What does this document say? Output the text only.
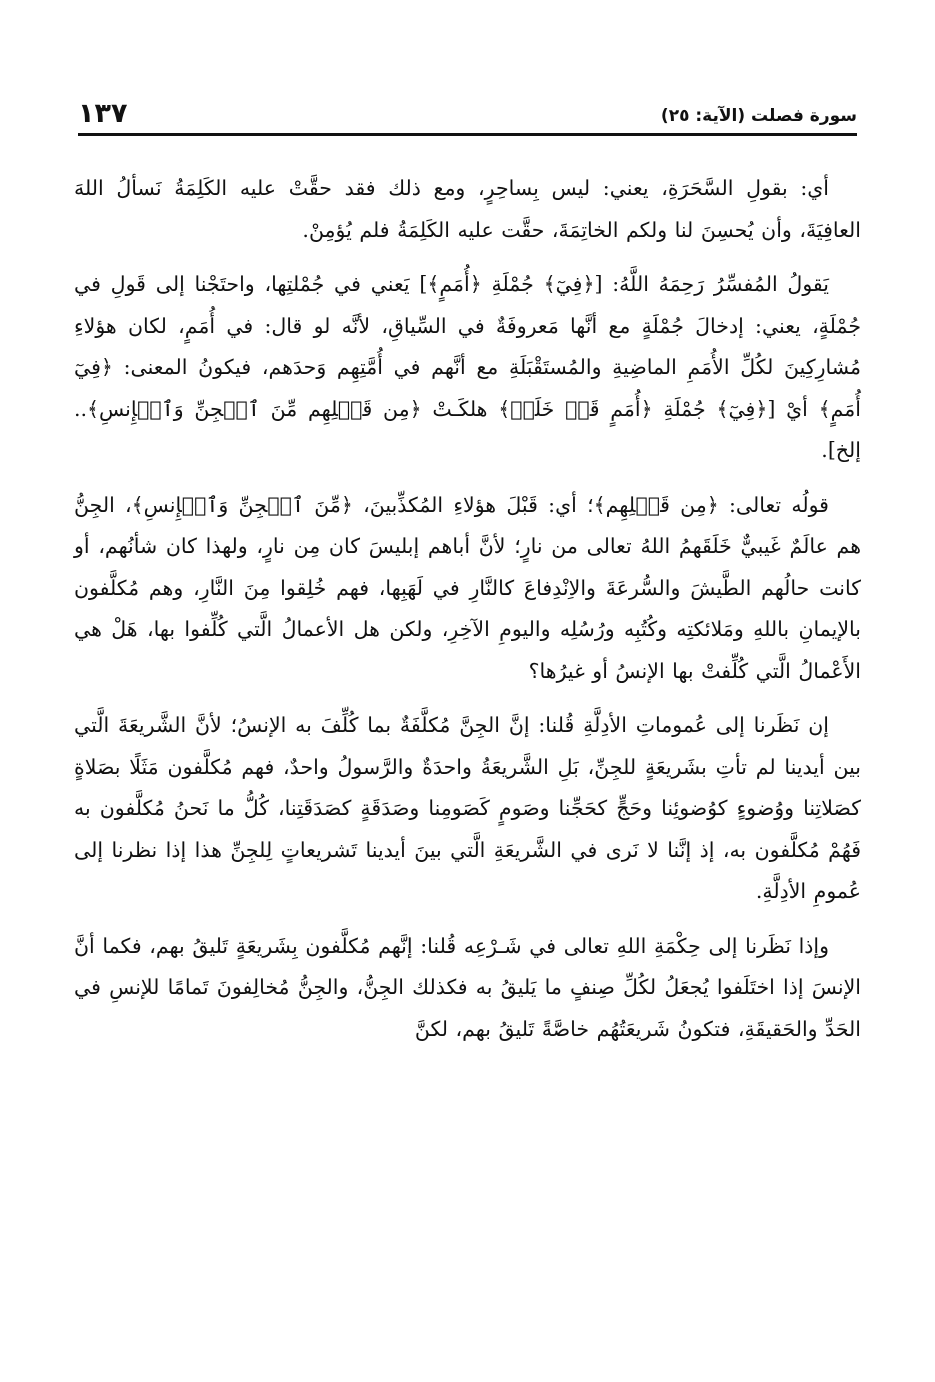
سورة فصلت (الآية: ٢٥)
١٣٧

أي: بقولِ السَّحَرَةِ، يعني: ليس بِساحِرٍ، ومع ذلك فقد حقَّتْ عليه الكَلِمَةُ نَسألُ اللهَ العافِيَةَ، وأن يُحسِنَ لنا ولكم الخاتِمَةَ، حقَّت عليه الكَلِمَةُ فلم يُؤمِنْ.

يَقولُ المُفسِّرُ رَحِمَهُ اللَّهُ: [﴿فِيٓ﴾ جُمْلَةِ ﴿أُمَمٍ﴾] يَعني في جُمْلتِها، واحتَجْنا إلى قَولِ في جُمْلَةٍ، يعني: إدخالَ جُمْلَةٍ مع أنَّها مَعروفَةٌ في السِّياقِ، لأنَّه لو قال: في أُمَمٍ، لكان هؤلاءِ مُشارِكِينَ لكُلِّ الأُمَمِ الماضِيةِ والمُستَقْبَلَةِ مع أنَّهم في أُمَّتِهِم وَحدَهم، فيكونُ المعنى: ﴿فِيٓ أُمَمٍ﴾ أيْ [﴿فِيٓ﴾ جُمْلَةِ ﴿أُمَمٍ قَدۡ خَلَتۡ﴾ هلكَـتْ ﴿مِن قَبۡلِهِم مِّنَ ٱلۡجِنِّ وَٱلۡإِنسِ﴾.. إلخ].

قولُه تعالى: ﴿مِن قَبۡلِهِم﴾؛ أي: قَبْلَ هؤلاءِ المُكذِّبينَ، ﴿مِّنَ ٱلۡجِنِّ وَٱلۡإِنسِ﴾، الجِنُّ هم عالَمٌ غَيبيٌّ خَلَقَهمُ اللهُ تعالى من نارٍ؛ لأنَّ أباهم إبليسَ كان مِن نارٍ، ولهذا كان شأنُهم، أو كانت حالُهم الطَّيشَ والسُّرعَةَ والاِنْدِفاعَ كالنَّارِ في لَهَبِها، فهم خُلِقوا مِنَ النَّارِ، وهم مُكلَّفون بالإيمانِ باللهِ ومَلائكتِه وكُتُبِه ورُسُلِه واليومِ الآخِرِ، ولكن هل الأعمالُ الَّتي كُلِّفوا بها، هَلْ هي الأَعْمالُ الَّتي كُلِّفتْ بها الإنسُ أو غيرُها؟

إن نَظَرنا إلى عُموماتِ الأدِلَّةِ قُلنا: إنَّ الجِنَّ مُكلَّفَةٌ بما كُلِّفَ به الإنسُ؛ لأنَّ الشَّريعَةَ الَّتي بين أيدينا لم تأتِ بشَريعَةٍ للجِنِّ، بَلِ الشَّريعَةُ واحدَةٌ والرَّسولُ واحدٌ، فهم مُكلَّفون مَثَلًا بصَلاةٍ كصَلاتِنا ووُضوءٍ كوُضوئِنا وحَجٍّ كحَجِّنا وصَومٍ كَصَومِنا وصَدَقَةٍ كصَدَقَتِنا، كُلُّ ما نَحنُ مُكلَّفون به فَهُمْ مُكلَّفون به، إذ إنَّنا لا نَرى في الشَّريعَةِ الَّتي بينَ أيدينا تَشريعاتٍ لِلجِنِّ هذا إذا نظرنا إلى عُمومِ الأدِلَّةِ.

وإذا نَظَرنا إلى حِكْمَةِ اللهِ تعالى في شَـرْعِه قُلنا: إنَّهم مُكلَّفون بِشَريعَةٍ تَليقُ بهم، فكما أنَّ الإنسَ إذا اختَلَفوا يُجعَلُ لكُلِّ صِنفٍ ما يَليقُ به فكذلك الجِنُّ، والجِنُّ مُخالِفونَ تَمامًا للإنسِ في الحَدِّ والحَقيقَةِ، فتكونُ شَريعَتُهُم خاصَّةً تَليقُ بهم، لكنَّ
